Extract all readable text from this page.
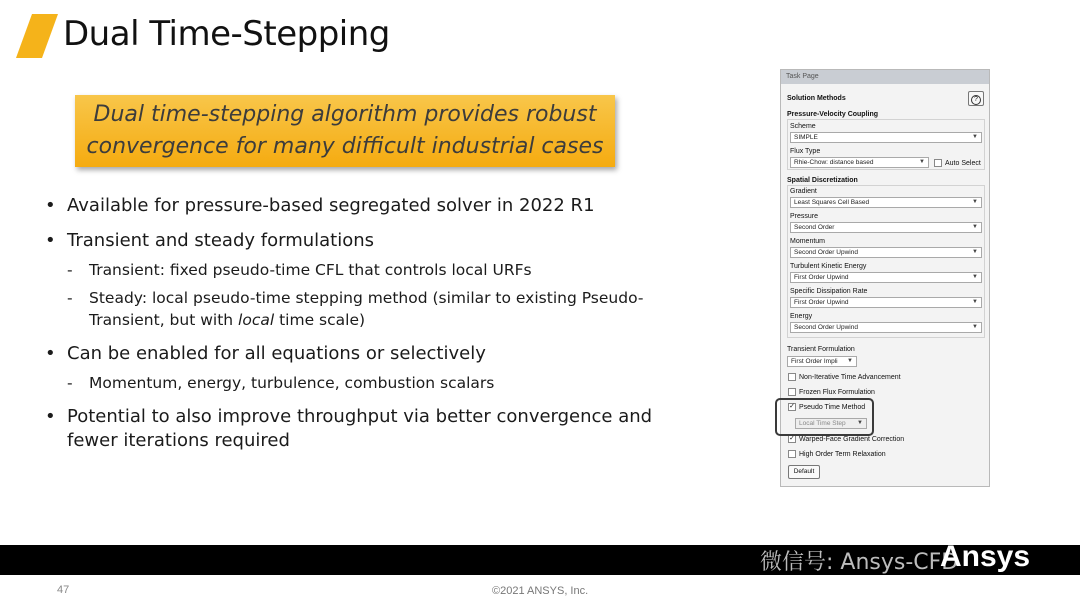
Dual Time-Stepping
Dual time-stepping algorithm provides robust convergence for many difficult industrial cases
• Available for pressure-based segregated solver in 2022 R1
• Transient and steady formulations
- Transient: fixed pseudo-time CFL that controls local URFs
- Steady: local pseudo-time stepping method (similar to existing Pseudo-Transient, but with local time scale)
• Can be enabled for all equations or selectively
- Momentum, energy, turbulence, combustion scalars
• Potential to also improve throughput via better convergence and fewer iterations required
Task Page
Solution Methods	?
Pressure-Velocity Coupling
Scheme
SIMPLE	▼
Flux Type
Rhie-Chow: distance based	▼	Auto Select
Spatial Discretization
Gradient
Least Squares Cell Based	▼
Pressure
Second Order	▼
Momentum
Second Order Upwind	▼
Turbulent Kinetic Energy
First Order Upwind	▼
Specific Dissipation Rate
First Order Upwind	▼
Energy
Second Order Upwind	▼
Transient Formulation
First Order Impli ▼
Non-Iterative Time Advancement
Frozen Flux Formulation
✓ Pseudo Time Method
Local Time Step ▼
✓ Warped-Face Gradient Correction
High Order Term Relaxation
Default
微信号: Ansys-CFD
Ansys
47	©2021 ANSYS, Inc.
